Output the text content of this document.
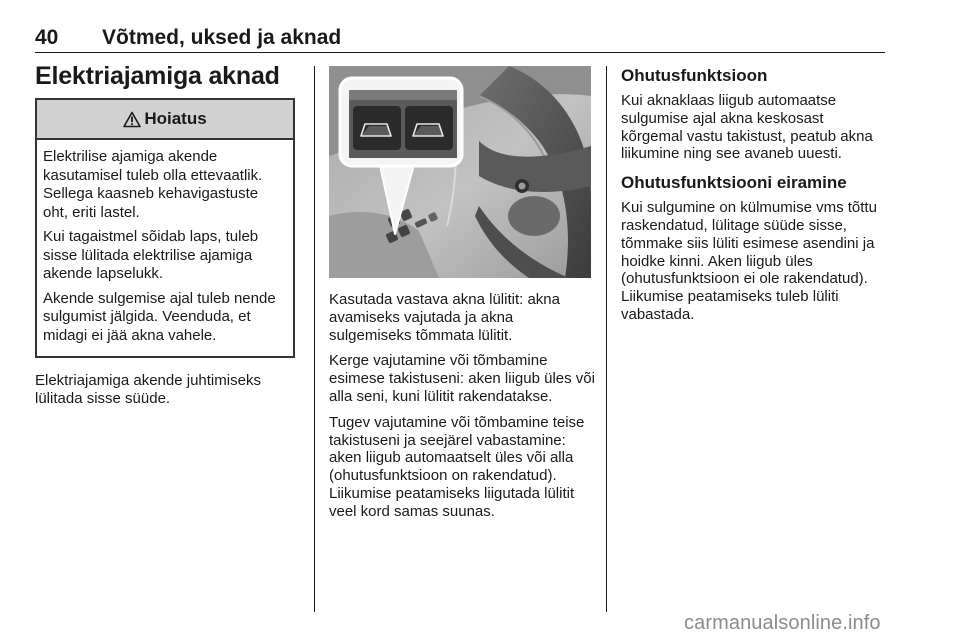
40 Võtmed, uksed ja aknad
Elektriajamiga aknad
Hoiatus

Elektrilise ajamiga akende kasutamisel tuleb olla ettevaatlik. Sellega kaasneb kehavigastuste oht, eriti lastel.

Kui tagaistmel sõidab laps, tuleb sisse lülitada elektrilise ajamiga akende lapselukk.

Akende sulgemise ajal tuleb nende sulgumist jälgida. Veenduda, et midagi ei jää akna vahele.

Elektriajamiga akende juhtimiseks lülitada sisse süüde.

Kasutada vastava akna lülitit: akna avamiseks vajutada ja akna sulgemiseks tõmmata lülitit.

Kerge vajutamine või tõmbamine esimese takistuseni: aken liigub üles või alla seni, kuni lülitit rakendatakse.

Tugev vajutamine või tõmbamine teise takistuseni ja seejärel vabastamine: aken liigub automaatselt üles või alla (ohutusfunktsioon on rakendatud). Liikumise peatamiseks liigutada lülitit veel kord samas suunas.

Ohutusfunktsioon

Kui aknaklaas liigub automaatse sulgumise ajal akna keskosast kõrgemal vastu takistust, peatub akna liikumine ning see avaneb uuesti.

Ohutusfunktsiooni eiramine

Kui sulgumine on külmumise vms tõttu raskendatud, lülitage süüde sisse, tõmmake siis lüliti esimese asendini ja hoidke kinni. Aken liigub üles (ohutusfunktsioon ei ole rakendatud). Liikumise peatamiseks tuleb lüliti vabastada.

carmanualsonline.info
